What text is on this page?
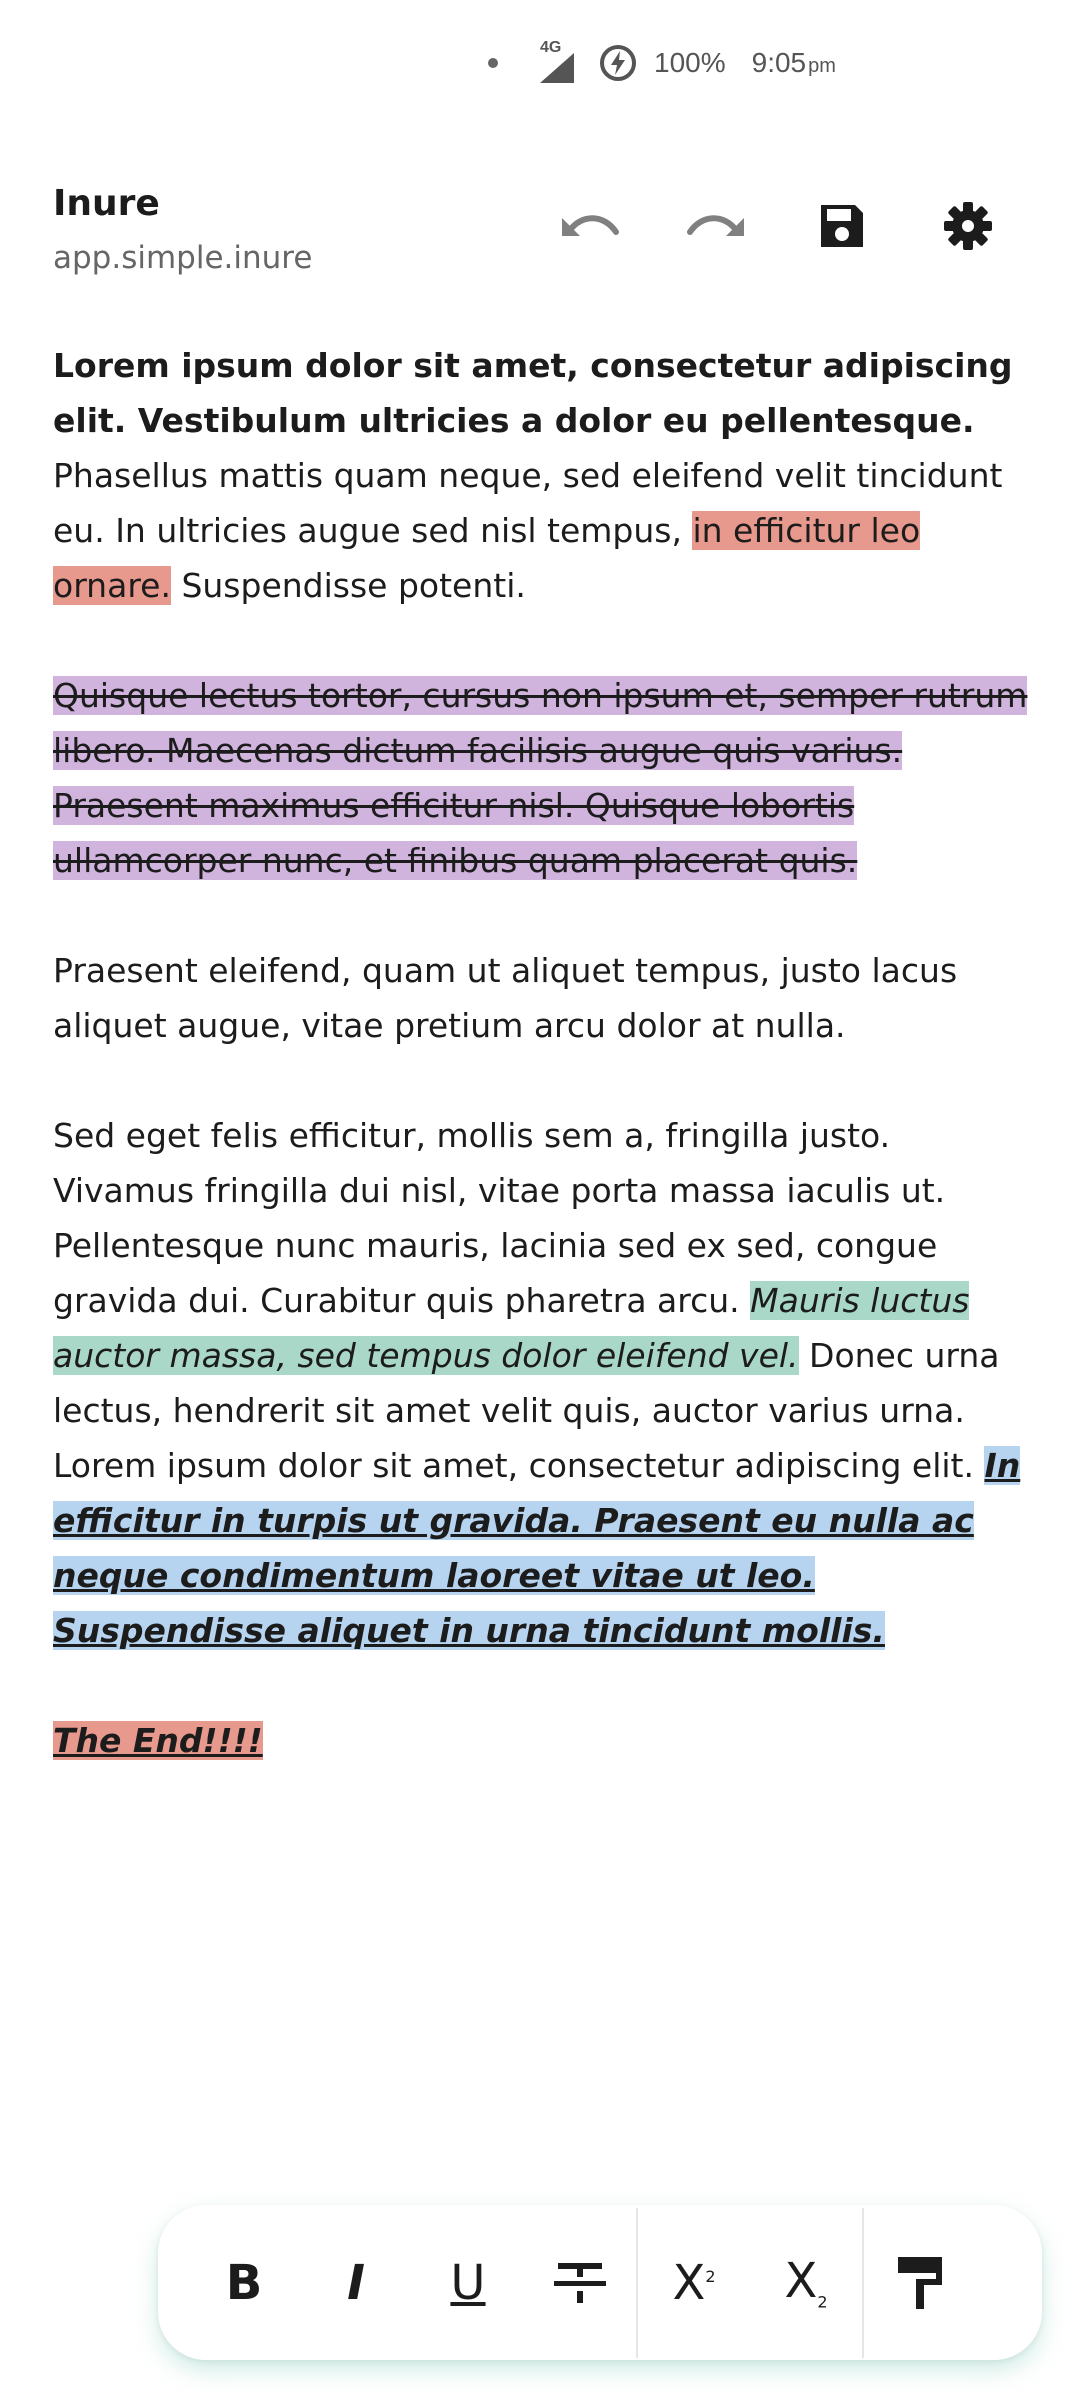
4G	100% 9:05 pm
Inure
app.simple.inure

Lorem ipsum dolor sit amet, consectetur adipiscing elit. Vestibulum ultricies a dolor eu pellentesque. Phasellus mattis quam neque, sed eleifend velit tincidunt eu. In ultricies augue sed nisl tempus, in efficitur leo ornare. Suspendisse potenti.

Quisque lectus tortor, cursus non ipsum et, semper rutrum libero. Maecenas dictum facilisis augue quis varius. Praesent maximus efficitur nisl. Quisque lobortis ullamcorper nunc, et finibus quam placerat quis.

Praesent eleifend, quam ut aliquet tempus, justo lacus aliquet augue, vitae pretium arcu dolor at nulla.

Sed eget felis efficitur, mollis sem a, fringilla justo. Vivamus fringilla dui nisl, vitae porta massa iaculis ut. Pellentesque nunc mauris, lacinia sed ex sed, congue gravida dui. Curabitur quis pharetra arcu. Mauris luctus auctor massa, sed tempus dolor eleifend vel. Donec urna lectus, hendrerit sit amet velit quis, auctor varius urna. Lorem ipsum dolor sit amet, consectetur adipiscing elit. In efficitur in turpis ut gravida. Praesent eu nulla ac neque condimentum laoreet vitae ut leo. Suspendisse aliquet in urna tincidunt mollis.

The End!!!!

B I U	$X^2$ $X_2$
